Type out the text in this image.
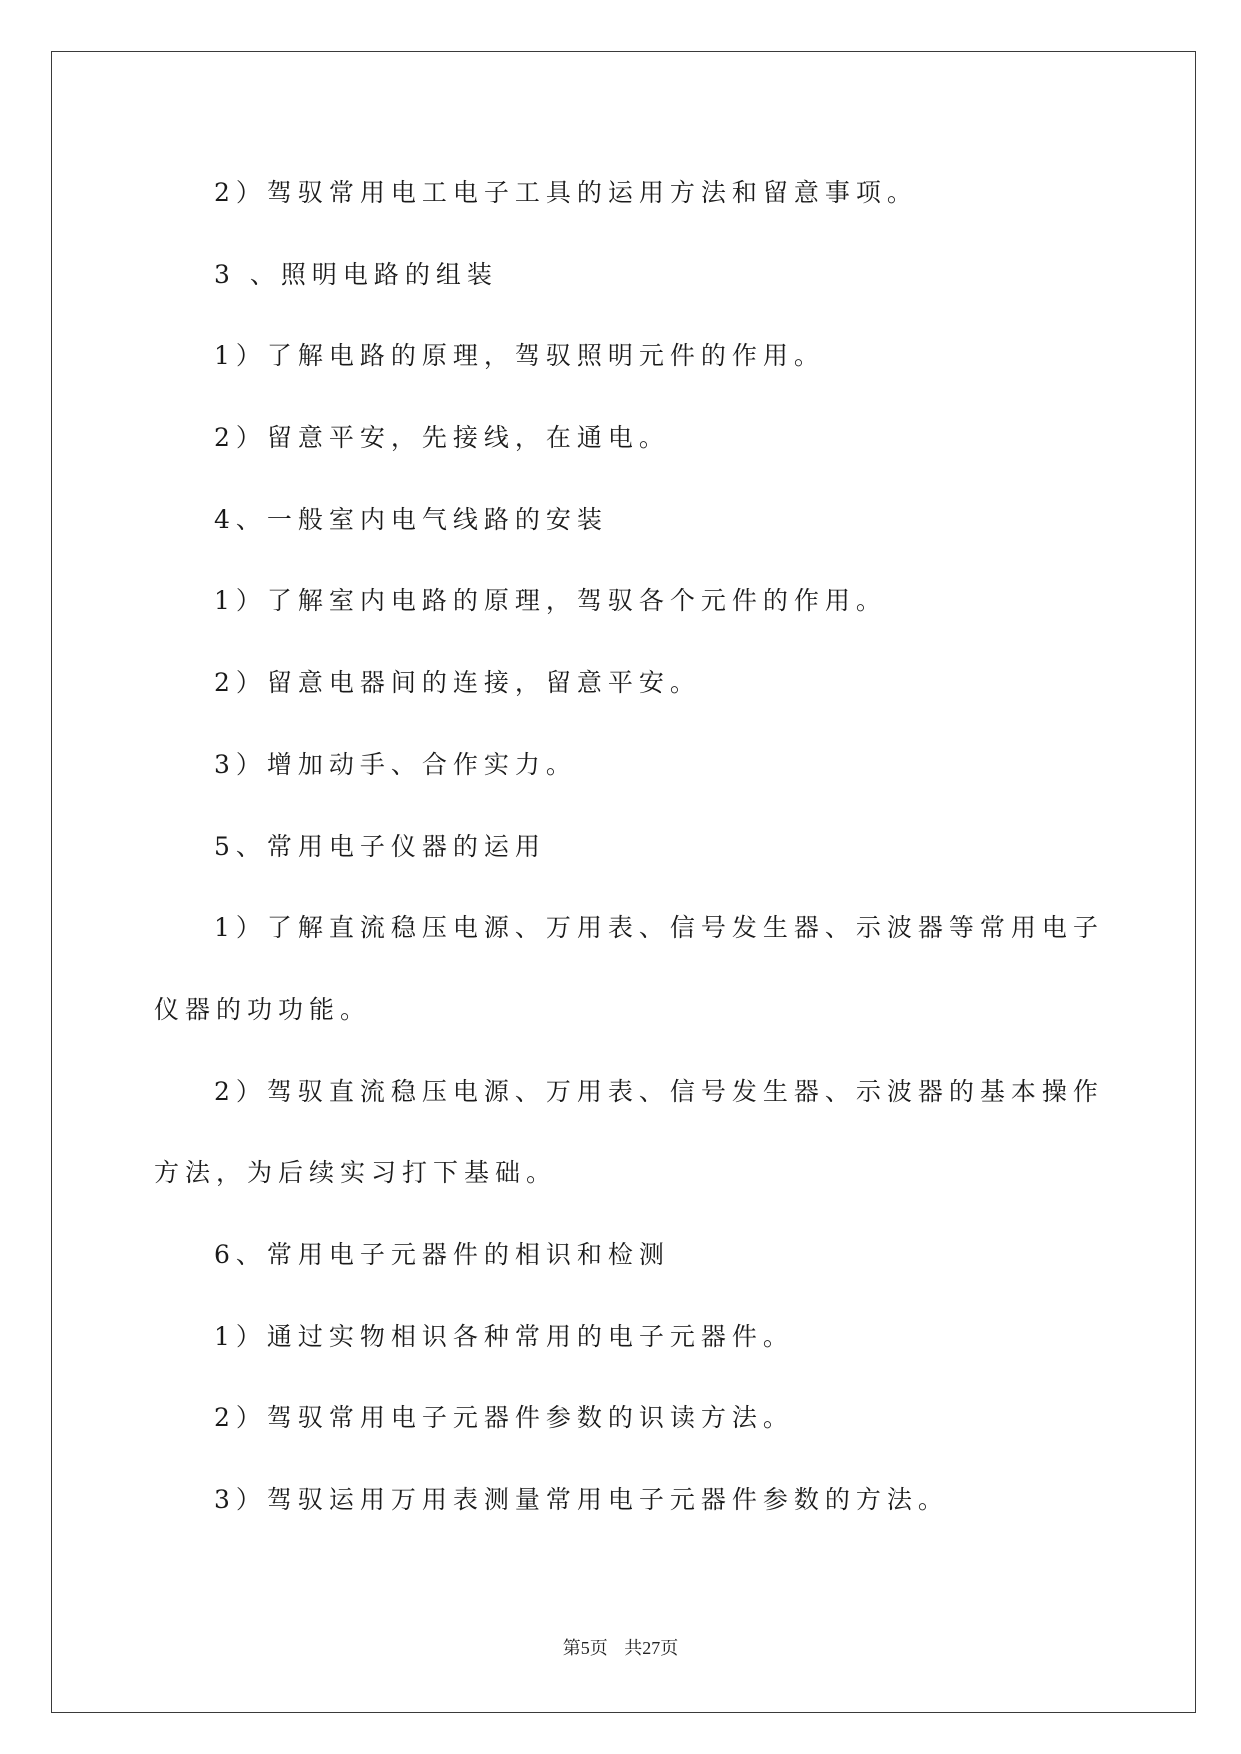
2）驾驭常用电工电子工具的运用方法和留意事项。
3 、照明电路的组装
1）了解电路的原理，驾驭照明元件的作用。
2）留意平安，先接线，在通电。
4、一般室内电气线路的安装
1）了解室内电路的原理，驾驭各个元件的作用。
2）留意电器间的连接，留意平安。
3）增加动手、合作实力。
5、常用电子仪器的运用
1）了解直流稳压电源、万用表、信号发生器、示波器等常用电子
仪器的功功能。
2）驾驭直流稳压电源、万用表、信号发生器、示波器的基本操作
方法，为后续实习打下基础。
6、常用电子元器件的相识和检测
1）通过实物相识各种常用的电子元器件。
2）驾驭常用电子元器件参数的识读方法。
3）驾驭运用万用表测量常用电子元器件参数的方法。
第5页 共27页
